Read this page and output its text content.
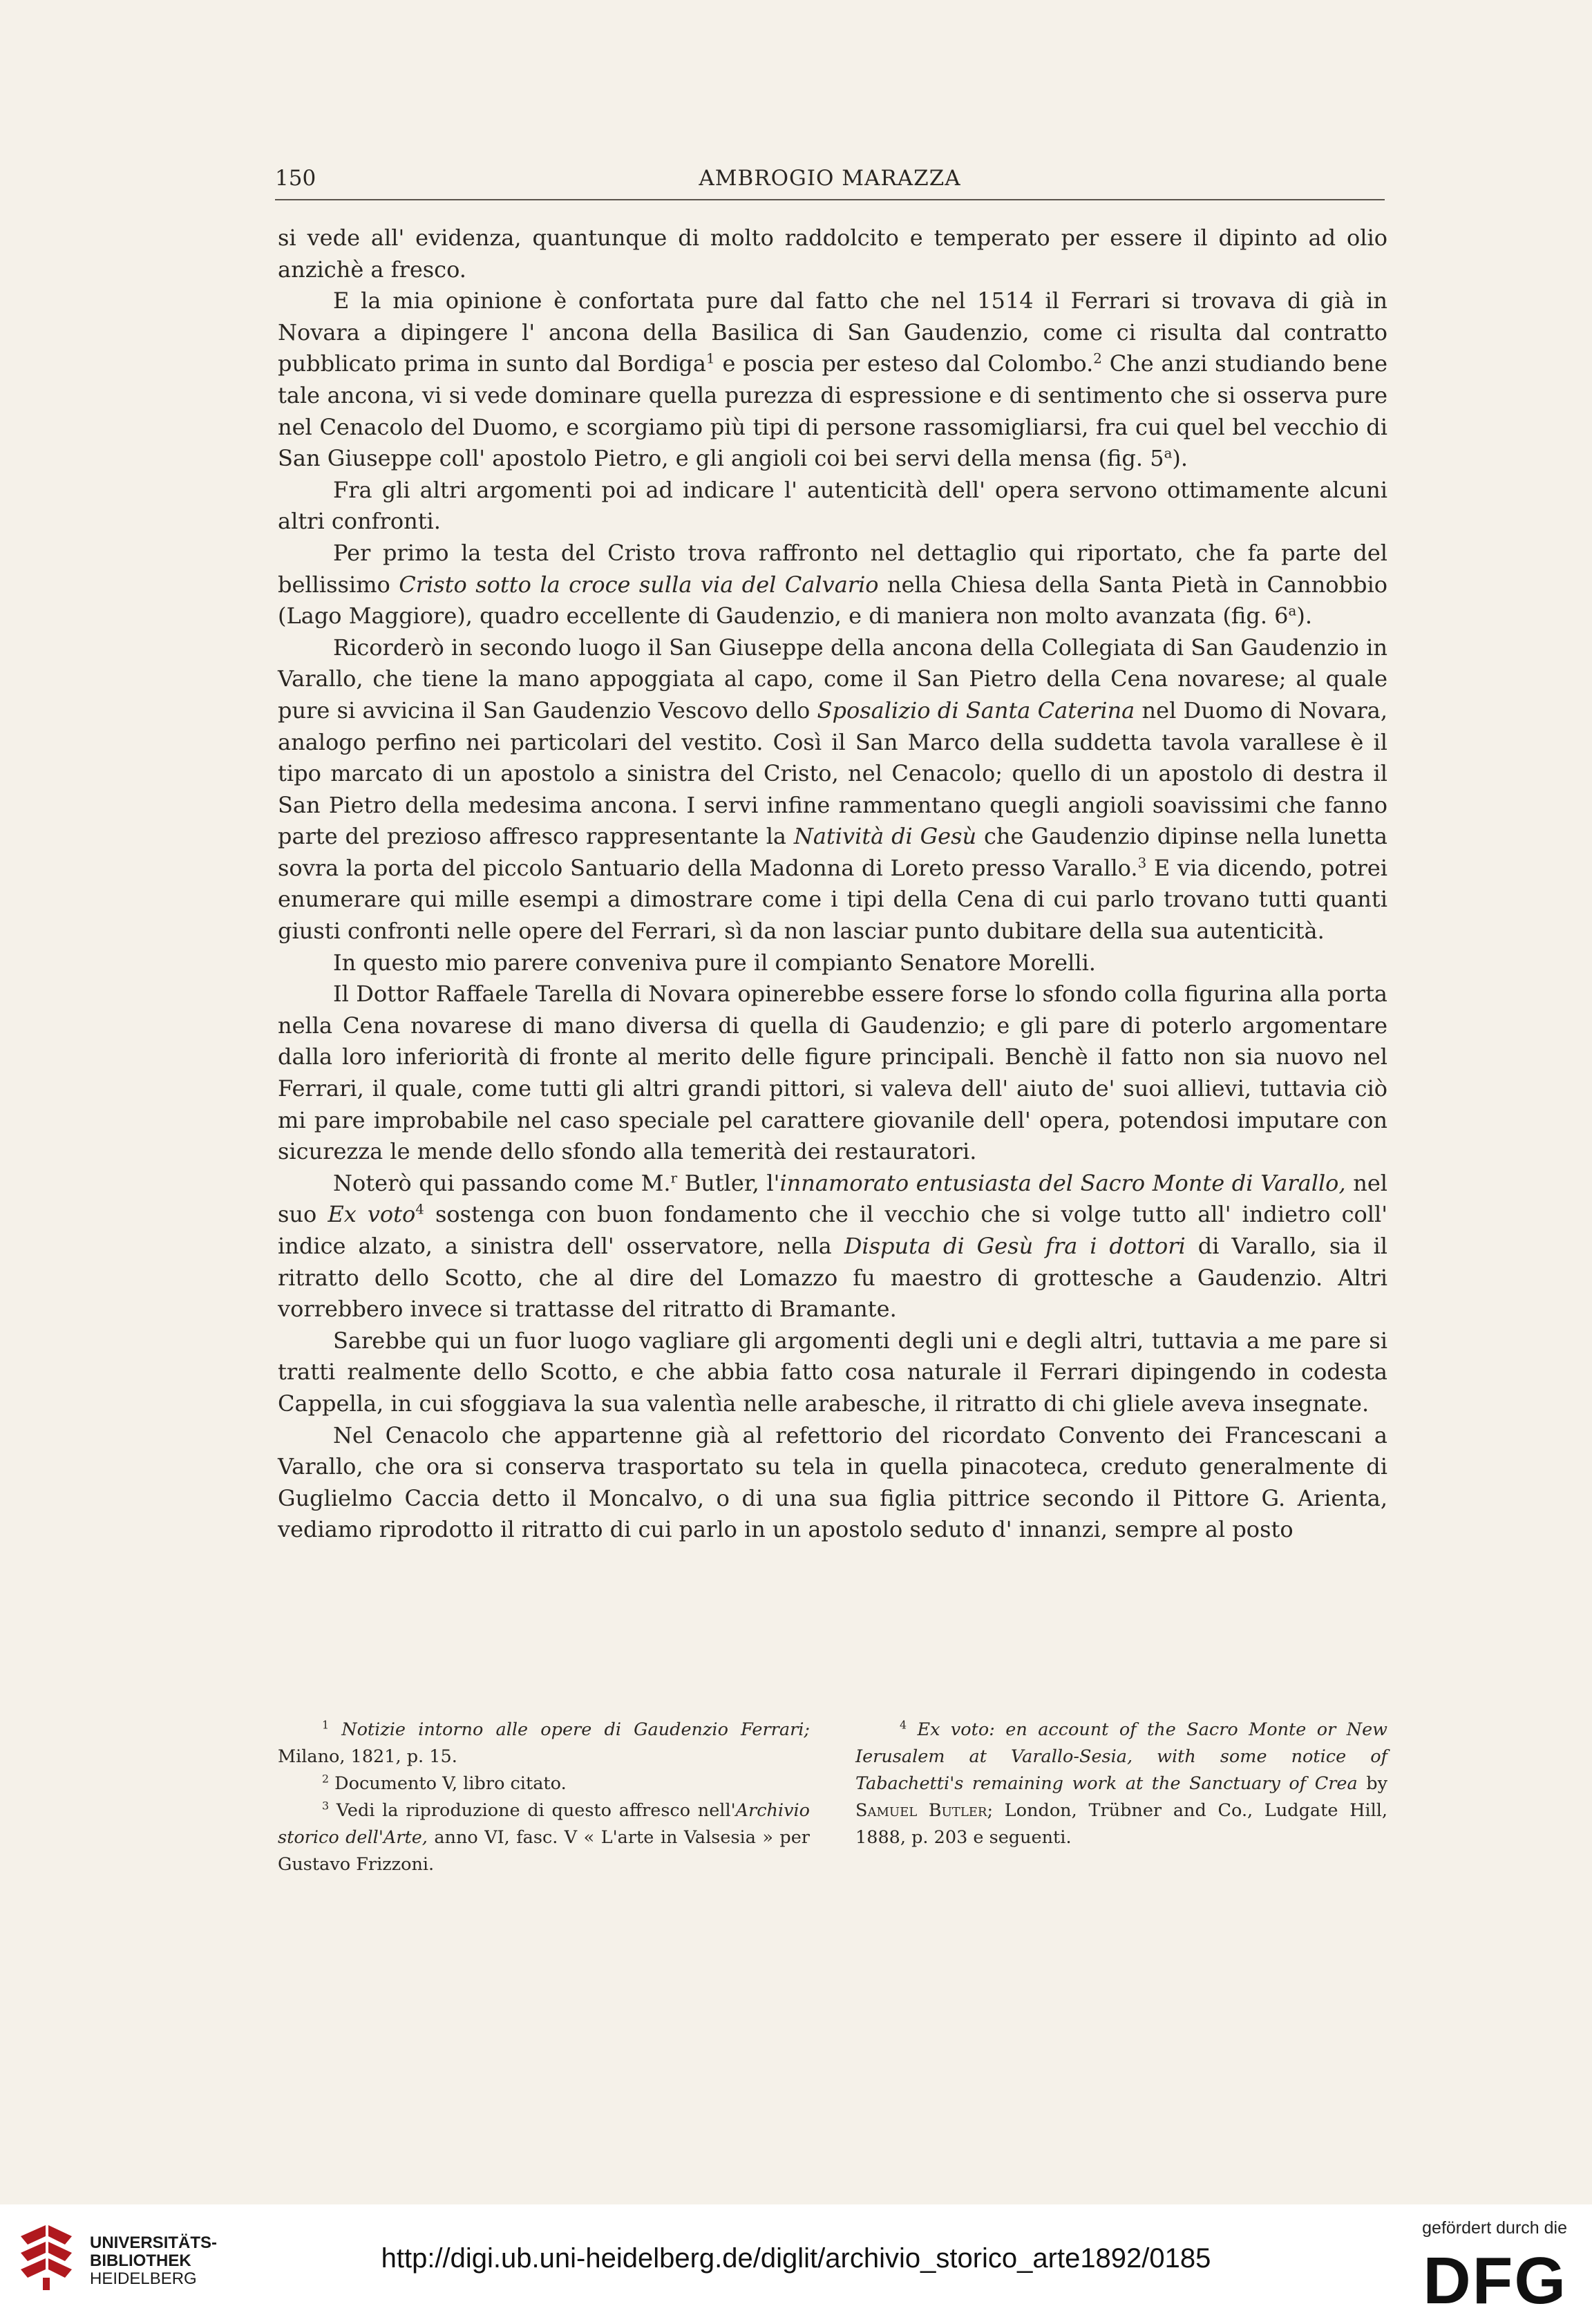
150	AMBROGIO MARAZZA

si vede all' evidenza, quantunque di molto raddolcito e temperato per essere il dipinto ad olio anzichè a fresco.

E la mia opinione è confortata pure dal fatto che nel 1514 il Ferrari si trovava di già in Novara a dipingere l' ancona della Basilica di San Gaudenzio, come ci risulta dal contratto pubblicato prima in sunto dal Bordiga$^1$ e poscia per esteso dal Colombo.$^2$ Che anzi studiando bene tale ancona, vi si vede dominare quella purezza di espressione e di sentimento che si osserva pure nel Cenacolo del Duomo, e scorgiamo più tipi di persone rassomigliarsi, fra cui quel bel vecchio di San Giuseppe coll' apostolo Pietro, e gli angioli coi bei servi della mensa (fig. 5$^a$).

Fra gli altri argomenti poi ad indicare l' autenticità dell' opera servono ottimamente alcuni altri confronti.

Per primo la testa del Cristo trova raffronto nel dettaglio qui riportato, che fa parte del bellissimo Cristo sotto la croce sulla via del Calvario nella Chiesa della Santa Pietà in Cannobbio (Lago Maggiore), quadro eccellente di Gaudenzio, e di maniera non molto avanzata (fig. 6$^a$).

Ricorderò in secondo luogo il San Giuseppe della ancona della Collegiata di San Gaudenzio in Varallo, che tiene la mano appoggiata al capo, come il San Pietro della Cena novarese; al quale pure si avvicina il San Gaudenzio Vescovo dello Sposalizio di Santa Caterina nel Duomo di Novara, analogo perfino nei particolari del vestito. Così il San Marco della suddetta tavola varallese è il tipo marcato di un apostolo a sinistra del Cristo, nel Cenacolo; quello di un apostolo di destra il San Pietro della medesima ancona. I servi infine rammentano quegli angioli soavissimi che fanno parte del prezioso affresco rappresentante la Natività di Gesù che Gaudenzio dipinse nella lunetta sovra la porta del piccolo Santuario della Madonna di Loreto presso Varallo.$^3$ E via dicendo, potrei enumerare qui mille esempi a dimostrare come i tipi della Cena di cui parlo trovano tutti quanti giusti confronti nelle opere del Ferrari, sì da non lasciar punto dubitare della sua autenticità.

In questo mio parere conveniva pure il compianto Senatore Morelli.

Il Dottor Raffaele Tarella di Novara opinerebbe essere forse lo sfondo colla figurina alla porta nella Cena novarese di mano diversa di quella di Gaudenzio; e gli pare di poterlo argomentare dalla loro inferiorità di fronte al merito delle figure principali. Benchè il fatto non sia nuovo nel Ferrari, il quale, come tutti gli altri grandi pittori, si valeva dell' aiuto de' suoi allievi, tuttavia ciò mi pare improbabile nel caso speciale pel carattere giovanile dell' opera, potendosi imputare con sicurezza le mende dello sfondo alla temerità dei restauratori.

Noterò qui passando come M.$^r$ Butler, l'innamorato entusiasta del Sacro Monte di Varallo, nel suo Ex voto$^4$ sostenga con buon fondamento che il vecchio che si volge tutto all' indietro coll' indice alzato, a sinistra dell' osservatore, nella Disputa di Gesù fra i dottori di Varallo, sia il ritratto dello Scotto, che al dire del Lomazzo fu maestro di grottesche a Gaudenzio. Altri vorrebbero invece si trattasse del ritratto di Bramante.

Sarebbe qui un fuor luogo vagliare gli argomenti degli uni e degli altri, tuttavia a me pare si tratti realmente dello Scotto, e che abbia fatto cosa naturale il Ferrari dipingendo in codesta Cappella, in cui sfoggiava la sua valentìa nelle arabesche, il ritratto di chi gliele aveva insegnate.

Nel Cenacolo che appartenne già al refettorio del ricordato Convento dei Francescani a Varallo, che ora si conserva trasportato su tela in quella pinacoteca, creduto generalmente di Guglielmo Caccia detto il Moncalvo, o di una sua figlia pittrice secondo il Pittore G. Arienta, vediamo riprodotto il ritratto di cui parlo in un apostolo seduto d' innanzi, sempre al posto

$^1$ Notizie intorno alle opere di Gaudenzio Ferrari; Milano, 1821, p. 15.

$^2$ Documento V, libro citato.

$^3$ Vedi la riproduzione di questo affresco nell'Archivio storico dell'Arte, anno VI, fasc. V « L'arte in Valsesia » per Gustavo Frizzoni.

$^4$ Ex voto: en account of the Sacro Monte or New Ierusalem at Varallo-Sesia, with some notice of Tabachetti's remaining work at the Sanctuary of Crea by Samuel Butler; London, Trübner and Co., Ludgate Hill, 1888, p. 203 e seguenti.

UNIVERSITÄTS-
BIBLIOTHEK
HEIDELBERG
http://digi.ub.uni-heidelberg.de/diglit/archivio_storico_arte1892/0185
gefördert durch die
DFG
